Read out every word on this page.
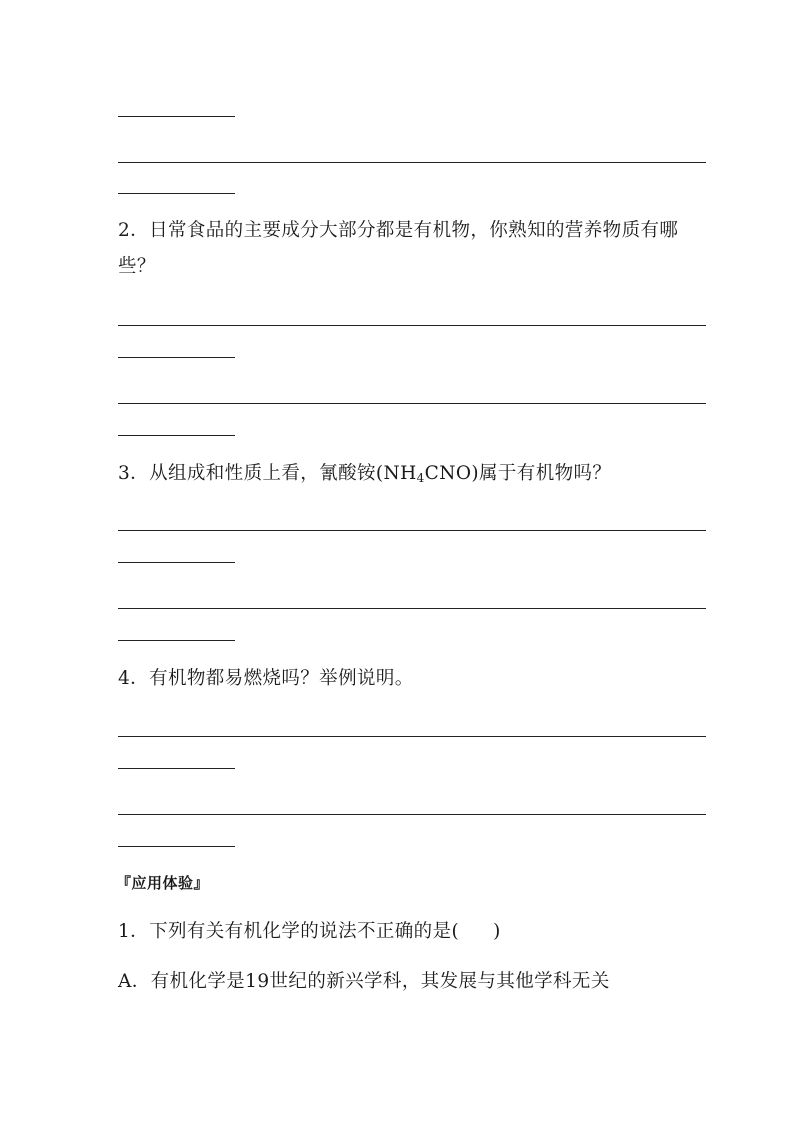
2．日常食品的主要成分大部分都是有机物，你熟知的营养物质有哪
些？
3．从组成和性质上看，氰酸铵$(NH_4CNO)$属于有机物吗？
4．有机物都易燃烧吗？举例说明。
『应用体验』
1．下列有关有机化学的说法不正确的是( )
A．有机化学是19世纪的新兴学科，其发展与其他学科无关
